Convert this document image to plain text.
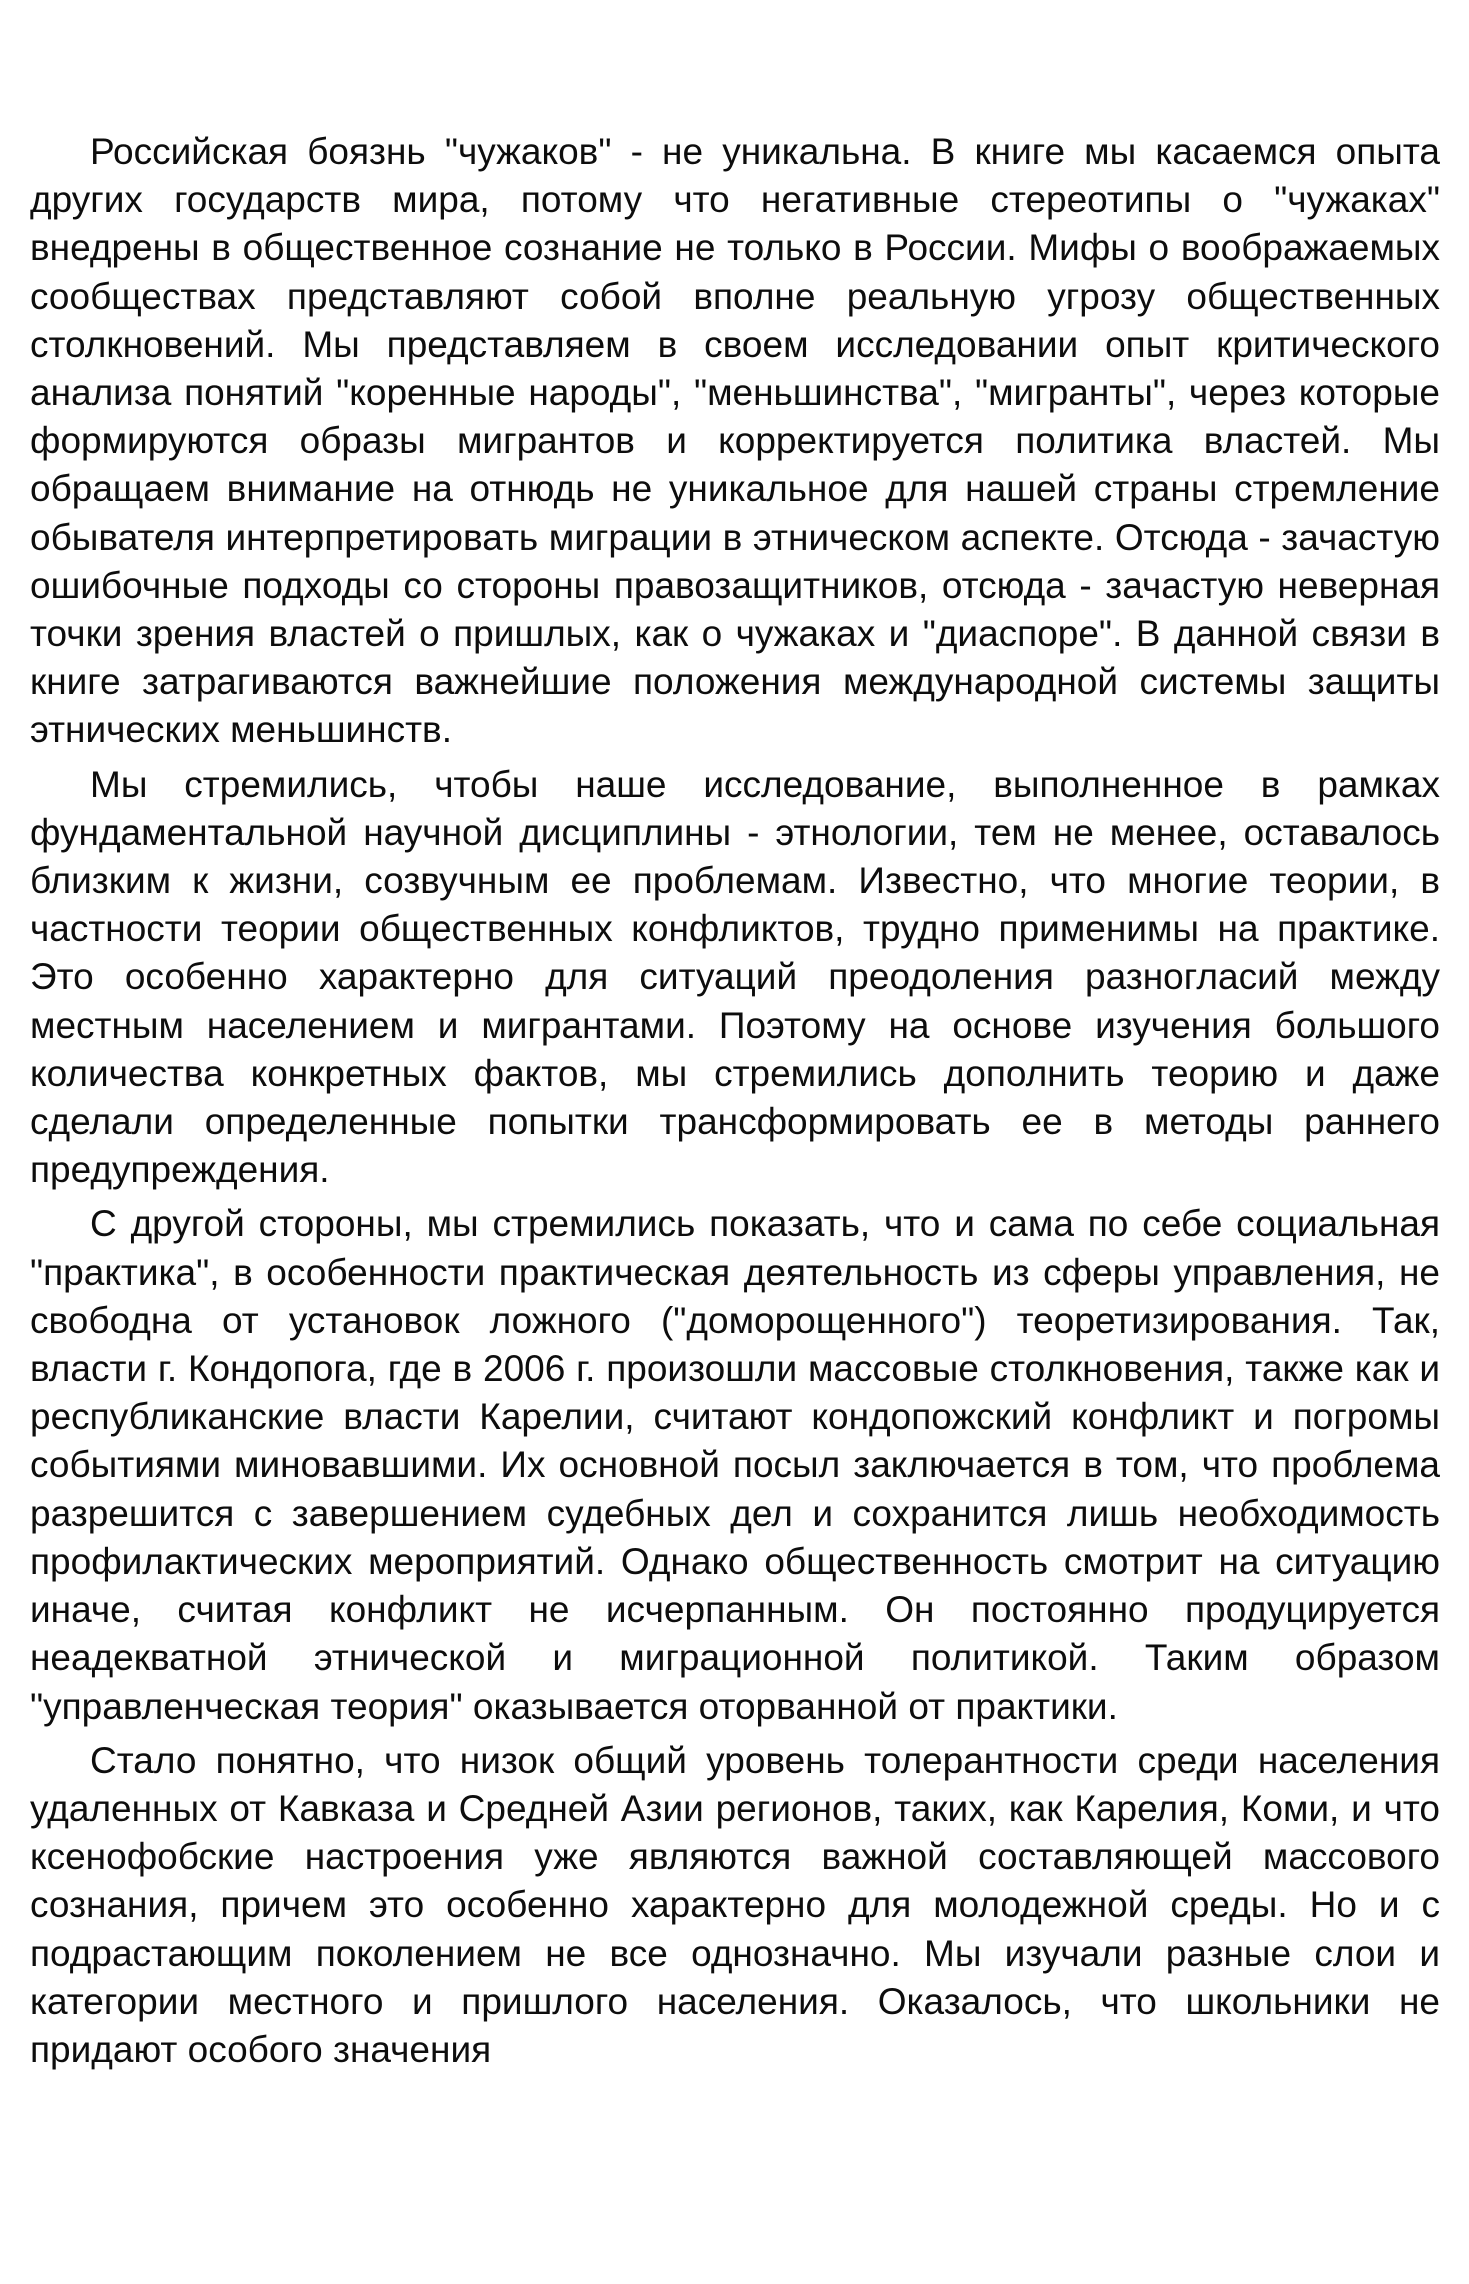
Российская боязнь "чужаков" - не уникальна. В книге мы касаемся опыта других государств мира, потому что негативные стереотипы о "чужаках" внедрены в общественное сознание не только в России. Мифы о воображаемых сообществах представляют собой вполне реальную угрозу общественных столкновений. Мы представляем в своем исследовании опыт критического анализа понятий "коренные народы", "меньшинства", "мигранты", через которые формируются образы мигрантов и корректируется политика властей. Мы обращаем внимание на отнюдь не уникальное для нашей страны стремление обывателя интерпретировать миграции в этническом аспекте. Отсюда - зачастую ошибочные подходы со стороны правозащитников, отсюда - зачастую неверная точки зрения властей о пришлых, как о чужаках и "диаспоре". В данной связи в книге затрагиваются важнейшие положения международной системы защиты этнических меньшинств.

Мы стремились, чтобы наше исследование, выполненное в рамках фундаментальной научной дисциплины - этнологии, тем не менее, оставалось близким к жизни, созвучным ее проблемам. Известно, что многие теории, в частности теории общественных конфликтов, трудно применимы на практике. Это особенно характерно для ситуаций преодоления разногласий между местным населением и мигрантами. Поэтому на основе изучения большого количества конкретных фактов, мы стремились дополнить теорию и даже сделали определенные попытки трансформировать ее в методы раннего предупреждения.

С другой стороны, мы стремились показать, что и сама по себе социальная "практика", в особенности практическая деятельность из сферы управления, не свободна от установок ложного ("доморощенного") теоретизирования. Так, власти г. Кондопога, где в 2006 г. произошли массовые столкновения, также как и республиканские власти Карелии, считают кондопожский конфликт и погромы событиями миновавшими. Их основной посыл заключается в том, что проблема разрешится с завершением судебных дел и сохранится лишь необходимость профилактических мероприятий. Однако общественность смотрит на ситуацию иначе, считая конфликт не исчерпанным. Он постоянно продуцируется неадекватной этнической и миграционной политикой. Таким образом "управленческая теория" оказывается оторванной от практики.

Стало понятно, что низок общий уровень толерантности среди населения удаленных от Кавказа и Средней Азии регионов, таких, как Карелия, Коми, и что ксенофобские настроения уже являются важной составляющей массового сознания, причем это особенно характерно для молодежной среды. Но и с подрастающим поколением не все однозначно. Мы изучали разные слои и категории местного и пришлого населения. Оказалось, что школьники не придают особого значения
